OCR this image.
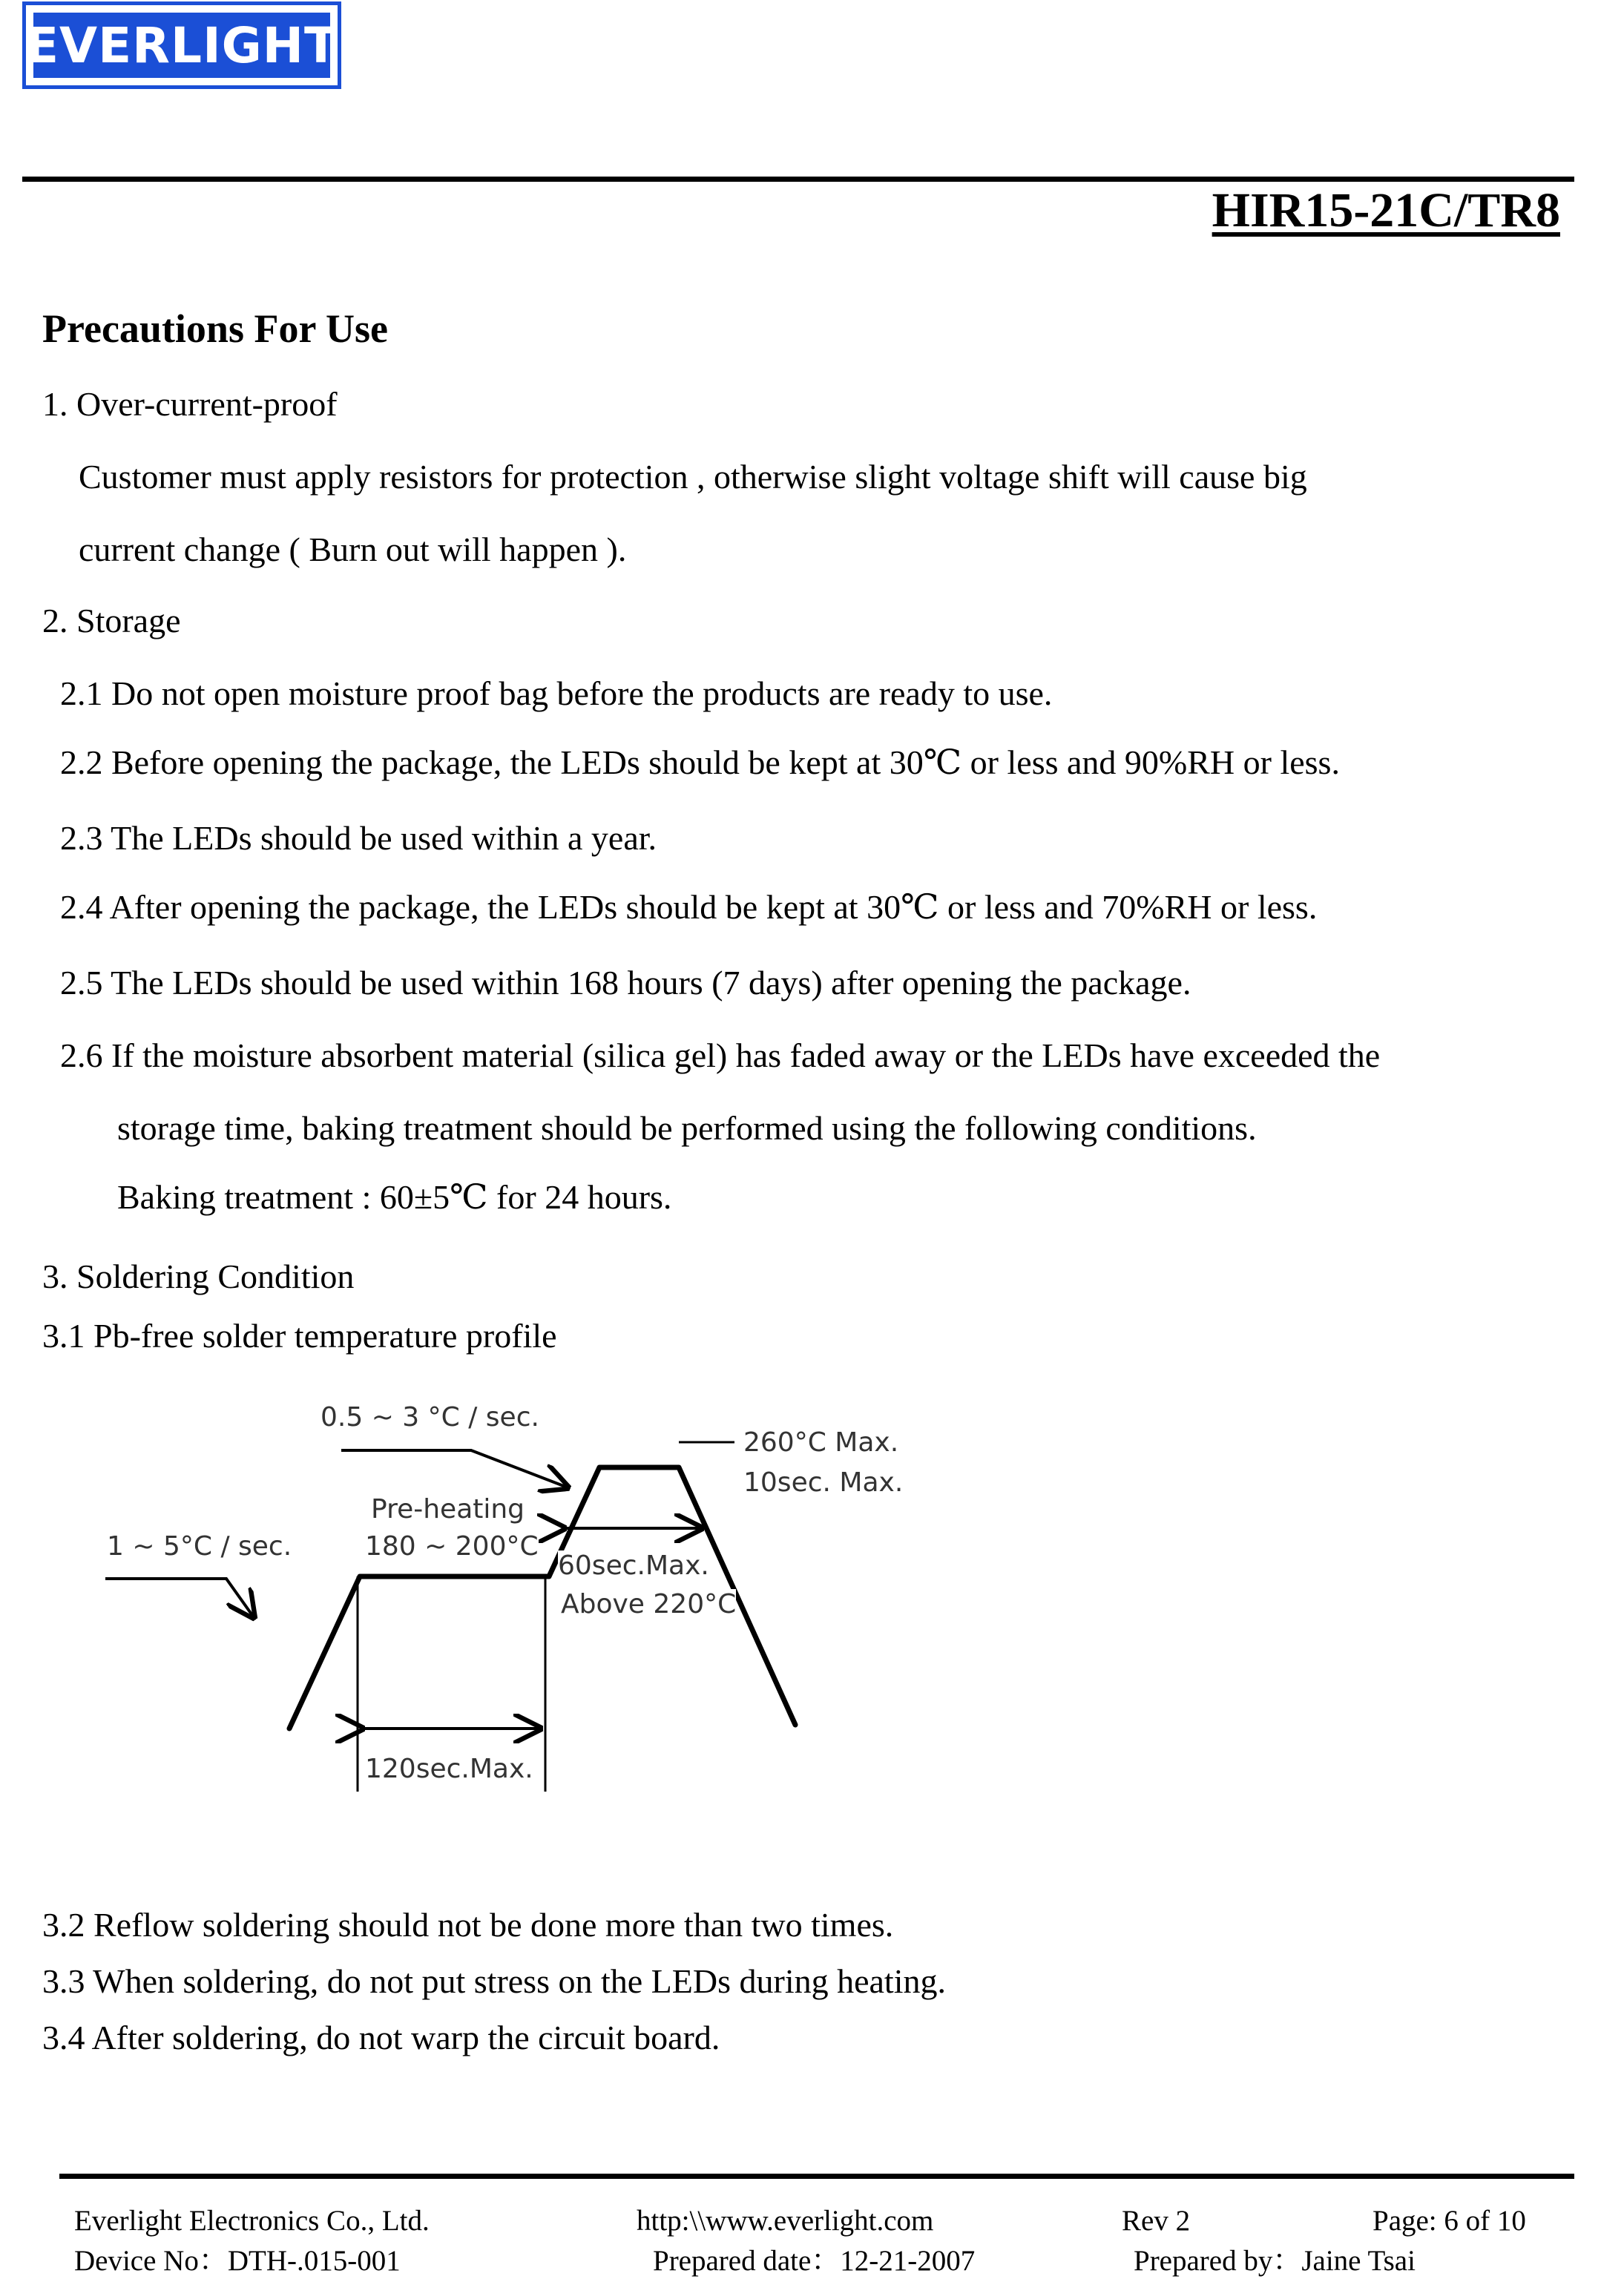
EVERLIGHT
HIR15-21C/TR8
Precautions For Use
1. Over-current-proof
Customer must apply resistors for protection , otherwise slight voltage shift will cause big
current change ( Burn out will happen ).
2. Storage
2.1 Do not open moisture proof bag before the products are ready to use.
2.2 Before opening the package, the LEDs should be kept at 30℃ or less and 90%RH or less.
2.3 The LEDs should be used within a year.
2.4 After opening the package, the LEDs should be kept at 30℃ or less and 70%RH or less.
2.5 The LEDs should be used within 168 hours (7 days) after opening the package.
2.6 If the moisture absorbent material (silica gel) has faded away or the LEDs have exceeded the
storage time, baking treatment should be performed using the following conditions.
Baking treatment : 60±5℃ for 24 hours.
3. Soldering Condition
3.1 Pb-free solder temperature profile
0.5 ~ 3 °C / sec.
260°C Max.
10sec. Max.
Pre-heating
180 ~ 200°C
1 ~ 5°C / sec.
60sec.Max.
Above 220°C
120sec.Max.
3.2 Reflow soldering should not be done more than two times.
3.3 When soldering, do not put stress on the LEDs during heating.
3.4 After soldering, do not warp the circuit board.
Everlight Electronics Co., Ltd.	http:\\www.everlight.com	Rev 2	Page: 6 of 10
Device No：DTH-.015-001	Prepared date：12-21-2007	Prepared by：Jaine Tsai
